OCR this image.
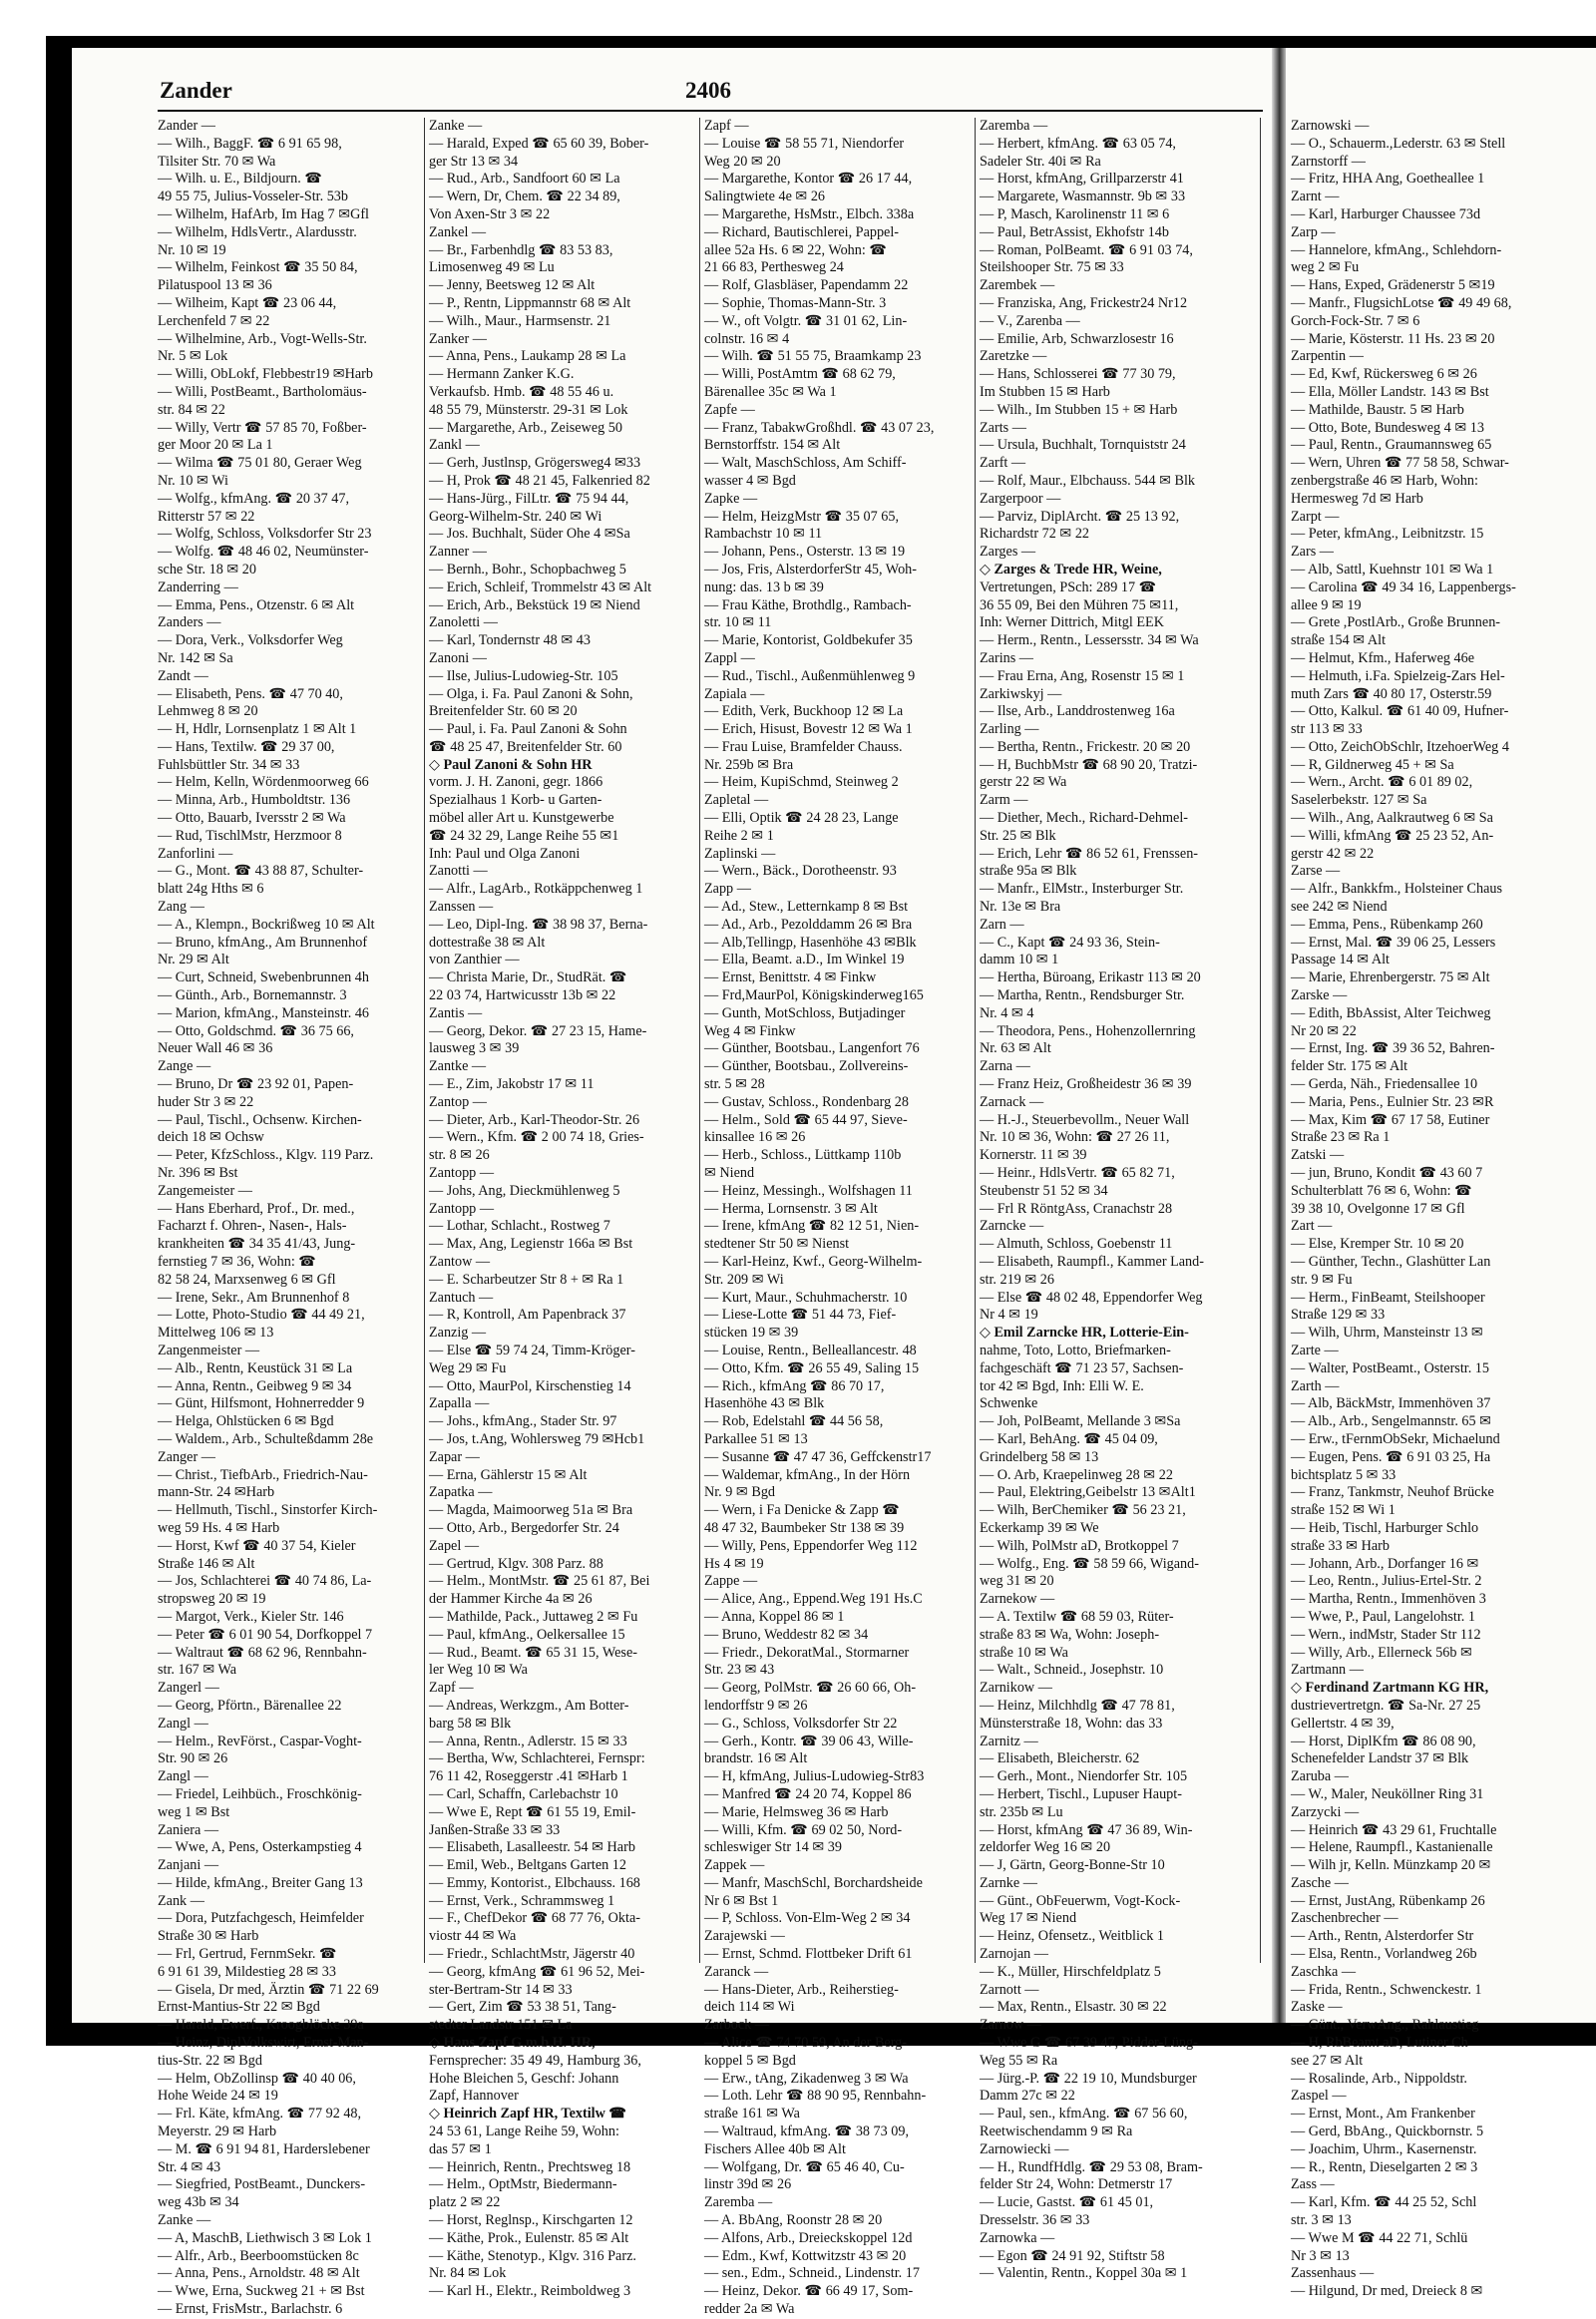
Zander	2406
Zander —
— Wilh., BaggF. ☎ 6 91 65 98,
Tilsiter Str. 70 ✉ Wa
— Wilh. u. E., Bildjourn. ☎
49 55 75, Julius-Vosseler-Str. 53b
— Wilhelm, HafArb, Im Hag 7 ✉Gfl
— Wilhelm, HdlsVertr., Alardusstr.
Nr. 10 ✉ 19
— Wilhelm, Feinkost ☎ 35 50 84,
Pilatuspool 13 ✉ 36
— Wilheim, Kapt ☎ 23 06 44,
Lerchenfeld 7 ✉ 22
— Wilhelmine, Arb., Vogt-Wells-Str.
Nr. 5 ✉ Lok
— Willi, ObLokf, Flebbestr19 ✉Harb
— Willi, PostBeamt., Bartholomäus-
str. 84 ✉ 22
— Willy, Vertr ☎ 57 85 70, Foßber-
ger Moor 20 ✉ La 1
— Wilma ☎ 75 01 80, Geraer Weg
Nr. 10 ✉ Wi
— Wolfg., kfmAng. ☎ 20 37 47,
Ritterstr 57 ✉ 22
— Wolfg, Schloss, Volksdorfer Str 23
— Wolfg. ☎ 48 46 02, Neumünster-
sche Str. 18 ✉ 20
Zanderring —
— Emma, Pens., Otzenstr. 6 ✉ Alt
Zanders —
— Dora, Verk., Volksdorfer Weg
Nr. 142 ✉ Sa
Zandt —
— Elisabeth, Pens. ☎ 47 70 40,
Lehmweg 8 ✉ 20
— H, Hdlr, Lornsenplatz 1 ✉ Alt 1
— Hans, Textilw. ☎ 29 37 00,
Fuhlsbüttler Str. 34 ✉ 33
— Helm, Kelln, Wördenmoorweg 66
— Minna, Arb., Humboldtstr. 136
— Otto, Bauarb, Iversstr 2 ✉ Wa
— Rud, TischlMstr, Herzmoor 8
Zanforlini —
— G., Mont. ☎ 43 88 87, Schulter-
blatt 24g Hths ✉ 6
Zang —
— A., Klempn., Bockrißweg 10 ✉ Alt
— Bruno, kfmAng., Am Brunnenhof
Nr. 29 ✉ Alt
— Curt, Schneid, Swebenbrunnen 4h
— Günth., Arb., Bornemannstr. 3
— Marion, kfmAng., Mansteinstr. 46
— Otto, Goldschmd. ☎ 36 75 66,
Neuer Wall 46 ✉ 36
Zange —
— Bruno, Dr ☎ 23 92 01, Papen-
huder Str 3 ✉ 22
— Paul, Tischl., Ochsenw. Kirchen-
deich 18 ✉ Ochsw
— Peter, KfzSchloss., Klgv. 119 Parz.
Nr. 396 ✉ Bst
Zangemeister —
— Hans Eberhard, Prof., Dr. med.,
Facharzt f. Ohren-, Nasen-, Hals-
krankheiten ☎ 34 35 41/43, Jung-
fernstieg 7 ✉ 36, Wohn: ☎
82 58 24, Marxsenweg 6 ✉ Gfl
— Irene, Sekr., Am Brunnenhof 8
— Lotte, Photo-Studio ☎ 44 49 21,
Mittelweg 106 ✉ 13
Zangenmeister —
— Alb., Rentn, Keustück 31 ✉ La
— Anna, Rentn., Geibweg 9 ✉ 34
— Günt, Hilfsmont, Hohnerredder 9
— Helga, Ohlstücken 6 ✉ Bgd
— Waldem., Arb., Schulteßdamm 28e
Zanger —
— Christ., TiefbArb., Friedrich-Nau-
mann-Str. 24 ✉Harb
— Hellmuth, Tischl., Sinstorfer Kirch-
weg 59 Hs. 4 ✉ Harb
— Horst, Kwf ☎ 40 37 54, Kieler
Straße 146 ✉ Alt
— Jos, Schlachterei ☎ 40 74 86, La-
stropsweg 20 ✉ 19
— Margot, Verk., Kieler Str. 146
— Peter ☎ 6 01 90 54, Dorfkoppel 7
— Waltraut ☎ 68 62 96, Rennbahn-
str. 167 ✉ Wa
Zangerl —
— Georg, Pförtn., Bärenallee 22
Zangl —
— Helm., RevFörst., Caspar-Voght-
Str. 90 ✉ 26
Zangl —
— Friedel, Leihbüch., Froschkönig-
weg 1 ✉ Bst
Zaniera —
— Wwe, A, Pens, Osterkampstieg 4
Zanjani —
— Hilde, kfmAng., Breiter Gang 13
Zank —
— Dora, Putzfachgesch, Heimfelder
Straße 30 ✉ Harb
— Frl, Gertrud, FernmSekr. ☎
6 91 61 39, Mildestieg 28 ✉ 33
— Gisela, Dr med, Ärztin ☎ 71 22 69
Ernst-Mantius-Str 22 ✉ Bgd
— Harald, Ewerf., Kroogblöcke 39a
— Heinz, DiplVolkswirt, Ernst-Man-
tius-Str. 22 ✉ Bgd
— Helm, ObZollinsp ☎ 40 40 06,
Hohe Weide 24 ✉ 19
— Frl. Käte, kfmAng. ☎ 77 92 48,
Meyerstr. 29 ✉ Harb
— M. ☎ 6 91 94 81, Harderslebener
Str. 4 ✉ 43
— Siegfried, PostBeamt., Dunckers-
weg 43b ✉ 34
Zanke —
— A, MaschB, Liethwisch 3 ✉ Lok 1
— Alfr., Arb., Beerboomstücken 8c
— Anna, Pens., Arnoldstr. 48 ✉ Alt
— Wwe, Erna, Suckweg 21 + ✉ Bst
— Ernst, FrisMstr., Barlachstr. 6
Zanke —
— Harald, Exped ☎ 65 60 39, Bober-
ger Str 13 ✉ 34
— Rud., Arb., Sandfoort 60 ✉ La
— Wern, Dr, Chem. ☎ 22 34 89,
Von Axen-Str 3 ✉ 22
Zankel —
— Br., Farbenhdlg ☎ 83 53 83,
Limosenweg 49 ✉ Lu
— Jenny, Beetsweg 12 ✉ Alt
— P., Rentn, Lippmannstr 68 ✉ Alt
— Wilh., Maur., Harmsenstr. 21
Zanker —
— Anna, Pens., Laukamp 28 ✉ La
— Hermann Zanker K.G.
Verkaufsb. Hmb. ☎ 48 55 46 u.
48 55 79, Münsterstr. 29-31 ✉ Lok
— Margarethe, Arb., Zeiseweg 50
Zankl —
— Gerh, Justlnsp, Grögersweg4 ✉33
— H, Prok ☎ 48 21 45, Falkenried 82
— Hans-Jürg., FilLtr. ☎ 75 94 44,
Georg-Wilhelm-Str. 240 ✉ Wi
— Jos. Buchhalt, Süder Ohe 4 ✉Sa
Zanner —
— Bernh., Bohr., Schopbachweg 5
— Erich, Schleif, Trommelstr 43 ✉ Alt
— Erich, Arb., Bekstück 19 ✉ Niend
Zanoletti —
— Karl, Tondernstr 48 ✉ 43
Zanoni —
— Ilse, Julius-Ludowieg-Str. 105
— Olga, i. Fa. Paul Zanoni & Sohn,
Breitenfelder Str. 60 ✉ 20
— Paul, i. Fa. Paul Zanoni & Sohn
☎ 48 25 47, Breitenfelder Str. 60
◇ Paul Zanoni & Sohn HR
vorm. J. H. Zanoni, gegr. 1866
Spezialhaus 1 Korb- u Garten-
möbel aller Art u. Kunstgewerbe
☎ 24 32 29, Lange Reihe 55 ✉1
Inh: Paul und Olga Zanoni
Zanotti —
— Alfr., LagArb., Rotkäppchenweg 1
Zanssen —
— Leo, Dipl-Ing. ☎ 38 98 37, Berna-
dottestraße 38 ✉ Alt
von Zanthier —
— Christa Marie, Dr., StudRät. ☎
22 03 74, Hartwicusstr 13b ✉ 22
Zantis —
— Georg, Dekor. ☎ 27 23 15, Hame-
lausweg 3 ✉ 39
Zantke —
— E., Zim, Jakobstr 17 ✉ 11
Zantop —
— Dieter, Arb., Karl-Theodor-Str. 26
— Wern., Kfm. ☎ 2 00 74 18, Gries-
str. 8 ✉ 26
Zantopp —
— Johs, Ang, Dieckmühlenweg 5
Zantopp —
— Lothar, Schlacht., Rostweg 7
— Max, Ang, Legienstr 166a ✉ Bst
Zantow —
— E. Scharbeutzer Str 8 + ✉ Ra 1
Zantuch —
— R, Kontroll, Am Papenbrack 37
Zanzig —
— Else ☎ 59 74 24, Timm-Kröger-
Weg 29 ✉ Fu
— Otto, MaurPol, Kirschenstieg 14
Zapalla —
— Johs., kfmAng., Stader Str. 97
— Jos, t.Ang, Wohlersweg 79 ✉Hcb1
Zapar —
— Erna, Gählerstr 15 ✉ Alt
Zapatka —
— Magda, Maimoorweg 51a ✉ Bra
— Otto, Arb., Bergedorfer Str. 24
Zapel —
— Gertrud, Klgv. 308 Parz. 88
— Helm., MontMstr. ☎ 25 61 87, Bei
der Hammer Kirche 4a ✉ 26
— Mathilde, Pack., Juttaweg 2 ✉ Fu
— Paul, kfmAng., Oelkersallee 15
— Rud., Beamt. ☎ 65 31 15, Wese-
ler Weg 10 ✉ Wa
Zapf —
— Andreas, Werkzgm., Am Botter-
barg 58 ✉ Blk
— Anna, Rentn., Adlerstr. 15 ✉ 33
— Bertha, Ww, Schlachterei, Fernspr:
76 11 42, Roseggerstr .41 ✉Harb 1
— Carl, Schaffn, Carlebachstr 10
— Wwe E, Rept ☎ 61 55 19, Emil-
Janßen-Straße 33 ✉ 33
— Elisabeth, Lasalleestr. 54 ✉ Harb
— Emil, Web., Beltgans Garten 12
— Emmy, Kontorist., Elbchauss. 168
— Ernst, Verk., Schrammsweg 1
— F., ChefDekor ☎ 68 77 76, Okta-
viostr 44 ✉ Wa
— Friedr., SchlachtMstr, Jägerstr 40
— Georg, kfmAng ☎ 61 96 52, Mei-
ster-Bertram-Str 14 ✉ 33
— Gert, Zim ☎ 53 38 51, Tang-
stedter Landstr 151 ✉ La
◇ Hans Zapf G.m.b.H. HR,
Fernsprecher: 35 49 49, Hamburg 36,
Hohe Bleichen 5, Geschf: Johann
Zapf, Hannover
◇ Heinrich Zapf HR, Textilw ☎
24 53 61, Lange Reihe 59, Wohn:
das 57 ✉ 1
— Heinrich, Rentn., Prechtsweg 18
— Helm., OptMstr, Biedermann-
platz 2 ✉ 22
— Horst, Reglnsp., Kirschgarten 12
— Käthe, Prok., Eulenstr. 85 ✉ Alt
— Käthe, Stenotyp., Klgv. 316 Parz.
Nr. 84 ✉ Lok
— Karl H., Elektr., Reimboldweg 3
Zapf —
— Louise ☎ 58 55 71, Niendorfer
Weg 20 ✉ 20
— Margarethe, Kontor ☎ 26 17 44,
Salingtwiete 4e ✉ 26
— Margarethe, HsMstr., Elbch. 338a
— Richard, Bautischlerei, Pappel-
allee 52a Hs. 6 ✉ 22, Wohn: ☎
21 66 83, Perthesweg 24
— Rolf, Glasbläser, Papendamm 22
— Sophie, Thomas-Mann-Str. 3
— W., oft Volgtr. ☎ 31 01 62, Lin-
colnstr. 16 ✉ 4
— Wilh. ☎ 51 55 75, Braamkamp 23
— Willi, PostAmtm ☎ 68 62 79,
Bärenallee 35c ✉ Wa 1
Zapfe —
— Franz, TabakwGroßhdl. ☎ 43 07 23,
Bernstorffstr. 154 ✉ Alt
— Walt, MaschSchloss, Am Schiff-
wasser 4 ✉ Bgd
Zapke —
— Helm, HeizgMstr ☎ 35 07 65,
Rambachstr 10 ✉ 11
— Johann, Pens., Osterstr. 13 ✉ 19
— Jos, Fris, AlsterdorferStr 45, Woh-
nung: das. 13 b ✉ 39
— Frau Käthe, Brothdlg., Rambach-
str. 10 ✉ 11
— Marie, Kontorist, Goldbekufer 35
Zappl —
— Rud., Tischl., Außenmühlenweg 9
Zapiala —
— Edith, Verk, Buckhoop 12 ✉ La
— Erich, Hisust, Bovestr 12 ✉ Wa 1
— Frau Luise, Bramfelder Chauss.
Nr. 259b ✉ Bra
— Heim, KupiSchmd, Steinweg 2
Zapletal —
— Elli, Optik ☎ 24 28 23, Lange
Reihe 2 ✉ 1
Zaplinski —
— Wern., Bäck., Dorotheenstr. 93
Zapp —
— Ad., Stew., Letternkamp 8 ✉ Bst
— Ad., Arb., Pezolddamm 26 ✉ Bra
— Alb,Tellingp, Hasenhöhe 43 ✉Blk
— Ella, Beamt. a.D., Im Winkel 19
— Ernst, Benittstr. 4 ✉ Finkw
— Frd,MaurPol, Königskinderweg165
— Gunth, MotSchloss, Butjadinger
Weg 4 ✉ Finkw
— Günther, Bootsbau., Langenfort 76
— Günther, Bootsbau., Zollvereins-
str. 5 ✉ 28
— Gustav, Schloss., Rondenbarg 28
— Helm., Sold ☎ 65 44 97, Sieve-
kinsallee 16 ✉ 26
— Herb., Schloss., Lüttkamp 110b
✉ Niend
— Heinz, Messingh., Wolfshagen 11
— Herma, Lornsenstr. 3 ✉ Alt
— Irene, kfmAng ☎ 82 12 51, Nien-
stedtener Str 50 ✉ Nienst
— Karl-Heinz, Kwf., Georg-Wilhelm-
Str. 209 ✉ Wi
— Kurt, Maur., Schuhmacherstr. 10
— Liese-Lotte ☎ 51 44 73, Fief-
stücken 19 ✉ 39
— Louise, Rentn., Belleallancestr. 48
— Otto, Kfm. ☎ 26 55 49, Saling 15
— Rich., kfmAng ☎ 86 70 17,
Hasenhöhe 43 ✉ Blk
— Rob, Edelstahl ☎ 44 56 58,
Parkallee 51 ✉ 13
— Susanne ☎ 47 47 36, Geffckenstr17
— Waldemar, kfmAng., In der Hörn
Nr. 9 ✉ Bgd
— Wern, i Fa Denicke & Zapp ☎
48 47 32, Baumbeker Str 138 ✉ 39
— Willy, Pens, Eppendorfer Weg 112
Hs 4 ✉ 19
Zappe —
— Alice, Ang., Eppend.Weg 191 Hs.C
— Anna, Koppel 86 ✉ 1
— Bruno, Weddestr 82 ✉ 34
— Friedr., DekoratMal., Stormarner
Str. 23 ✉ 43
— Georg, PolMstr. ☎ 26 60 66, Oh-
lendorffstr 9 ✉ 26
— G., Schloss, Volksdorfer Str 22
— Gerh., Kontr. ☎ 39 06 43, Wille-
brandstr. 16 ✉ Alt
— H, kfmAng, Julius-Ludowieg-Str83
— Manfred ☎ 24 20 74, Koppel 86
— Marie, Helmsweg 36 ✉ Harb
— Willi, Kfm. ☎ 69 02 50, Nord-
schleswiger Str 14 ✉ 39
Zappek —
— Manfr, MaschSchl, Borchardsheide
Nr 6 ✉ Bst 1
— P, Schloss. Von-Elm-Weg 2 ✉ 34
Zarajewski —
— Ernst, Schmd. Flottbeker Drift 61
Zaranck —
— Hans-Dieter, Arb., Reiherstieg-
deich 114 ✉ Wi
Zarbock —
— Alice ☎ 74 70 59, An der Berg-
koppel 5 ✉ Bgd
— Erw., tAng, Zikadenweg 3 ✉ Wa
— Loth. Lehr ☎ 88 90 95, Rennbahn-
straße 161 ✉ Wa
— Waltraud, kfmAng. ☎ 38 73 09,
Fischers Allee 40b ✉ Alt
— Wolfgang, Dr. ☎ 65 46 40, Cu-
linstr 39d ✉ 26
Zaremba —
— A. BbAng, Roonstr 28 ✉ 20
— Alfons, Arb., Dreieckskoppel 12d
— Edm., Kwf, Kottwitzstr 43 ✉ 20
— sen., Edm., Schneid., Lindenstr. 17
— Heinz, Dekor. ☎ 66 49 17, Som-
redder 2a ✉ Wa
Zaremba —
— Herbert, kfmAng. ☎ 63 05 74,
Sadeler Str. 40i ✉ Ra
— Horst, kfmAng, Grillparzerstr 41
— Margarete, Wasmannstr. 9b ✉ 33
— P, Masch, Karolinenstr 11 ✉ 6
— Paul, BetrAssist, Ekhofstr 14b
— Roman, PolBeamt. ☎ 6 91 03 74,
Steilshooper Str. 75 ✉ 33
Zarembek —
— Franziska, Ang, Frickestr24 Nr12
— V., Zarenba —
— Emilie, Arb, Schwarzlosestr 16
Zaretzke —
— Hans, Schlosserei ☎ 77 30 79,
Im Stubben 15 ✉ Harb
— Wilh., Im Stubben 15 + ✉ Harb
Zarts —
— Ursula, Buchhalt, Tornquiststr 24
Zarft —
— Rolf, Maur., Elbchauss. 544 ✉ Blk
Zargerpoor —
— Parviz, DiplArcht. ☎ 25 13 92,
Richardstr 72 ✉ 22
Zarges —
◇ Zarges & Trede HR, Weine,
Vertretungen, PSch: 289 17 ☎
36 55 09, Bei den Mühren 75 ✉11,
Inh: Werner Dittrich, Mitgl EEK
— Herm., Rentn., Lessersstr. 34 ✉ Wa
Zarins —
— Frau Erna, Ang, Rosenstr 15 ✉ 1
Zarkiwskyj —
— Ilse, Arb., Landdrostenweg 16a
Zarling —
— Bertha, Rentn., Frickestr. 20 ✉ 20
— H, BuchbMstr ☎ 68 90 20, Tratzi-
gerstr 22 ✉ Wa
Zarm —
— Diether, Mech., Richard-Dehmel-
Str. 25 ✉ Blk
— Erich, Lehr ☎ 86 52 61, Frenssen-
straße 95a ✉ Blk
— Manfr., ElMstr., Insterburger Str.
Nr. 13e ✉ Bra
Zarn —
— C., Kapt ☎ 24 93 36, Stein-
damm 10 ✉ 1
— Hertha, Büroang, Erikastr 113 ✉ 20
— Martha, Rentn., Rendsburger Str.
Nr. 4 ✉ 4
— Theodora, Pens., Hohenzollernring
Nr. 63 ✉ Alt
Zarna —
— Franz Heiz, Großheidestr 36 ✉ 39
Zarnack —
— H.-J., Steuerbevollm., Neuer Wall
Nr. 10 ✉ 36, Wohn: ☎ 27 26 11,
Kornerstr. 11 ✉ 39
— Heinr., HdlsVertr. ☎ 65 82 71,
Steubenstr 51 52 ✉ 34
— Frl R RöntgAss, Cranachstr 28
Zarncke —
— Almuth, Schloss, Goebenstr 11
— Elisabeth, Raumpfl., Kammer Land-
str. 219 ✉ 26
— Else ☎ 48 02 48, Eppendorfer Weg
Nr 4 ✉ 19
◇ Emil Zarncke HR, Lotterie-Ein-
nahme, Toto, Lotto, Briefmarken-
fachgeschäft ☎ 71 23 57, Sachsen-
tor 42 ✉ Bgd, Inh: Elli W. E.
Schwenke
— Joh, PolBeamt, Mellande 3 ✉Sa
— Karl, BehAng. ☎ 45 04 09,
Grindelberg 58 ✉ 13
— O. Arb, Kraepelinweg 28 ✉ 22
— Paul, Elektring,Geibelstr 13 ✉Alt1
— Wilh, BerChemiker ☎ 56 23 21,
Eckerkamp 39 ✉ We
— Wilh, PolMstr aD, Brotkoppel 7
— Wolfg., Eng. ☎ 58 59 66, Wigand-
weg 31 ✉ 20
Zarnekow —
— A. Textilw ☎ 68 59 03, Rüter-
straße 83 ✉ Wa, Wohn: Joseph-
straße 10 ✉ Wa
— Walt., Schneid., Josephstr. 10
Zarnikow —
— Heinz, Milchhdlg ☎ 47 78 81,
Münsterstraße 18, Wohn: das 33
Zarnitz —
— Elisabeth, Bleicherstr. 62
— Gerh., Mont., Niendorfer Str. 105
— Herbert, Tischl., Lupuser Haupt-
str. 235b ✉ Lu
— Horst, kfmAng ☎ 47 36 89, Win-
zeldorfer Weg 16 ✉ 20
— J, Gärtn, Georg-Bonne-Str 10
Zarnke —
— Günt., ObFeuerwm, Vogt-Kock-
Weg 17 ✉ Niend
— Heinz, Ofensetz., Weitblick 1
Zarnojan —
— K., Müller, Hirschfeldplatz 5
Zarnott —
— Max, Rentn., Elsastr. 30 ✉ 22
Zarnow —
— Wwe G ☎ 67 39 47, Pidder-Lüng-
Weg 55 ✉ Ra
— Jürg.-P. ☎ 22 19 10, Mundsburger
Damm 27c ✉ 22
— Paul, sen., kfmAng. ☎ 67 56 60,
Reetwischendamm 9 ✉ Ra
Zarnowiecki —
— H., RundfHdlg. ☎ 29 53 08, Bram-
felder Str 24, Wohn: Detmerstr 17
— Lucie, Gastst. ☎ 61 45 01,
Dresselstr. 36 ✉ 33
Zarnowka —
— Egon ☎ 24 91 92, Stiftstr 58
— Valentin, Rentn., Koppel 30a ✉ 1
Zarnowski —
— O., Schauerm.,Lederstr. 63 ✉ Stell
Zarnstorff —
— Fritz, HHA Ang, Goetheallee 1
Zarnt —
— Karl, Harburger Chaussee 73d
Zarp —
— Hannelore, kfmAng., Schlehdorn-
weg 2 ✉ Fu
— Hans, Exped, Grädenerstr 5 ✉19
— Manfr., FlugsichLotse ☎ 49 49 68,
Gorch-Fock-Str. 7 ✉ 6
— Marie, Kösterstr. 11 Hs. 23 ✉ 20
Zarpentin —
— Ed, Kwf, Rückersweg 6 ✉ 26
— Ella, Möller Landstr. 143 ✉ Bst
— Mathilde, Baustr. 5 ✉ Harb
— Otto, Bote, Bundesweg 4 ✉ 13
— Paul, Rentn., Graumannsweg 65
— Wern, Uhren ☎ 77 58 58, Schwar-
zenbergstraße 46 ✉ Harb, Wohn:
Hermesweg 7d ✉ Harb
Zarpt —
— Peter, kfmAng., Leibnitzstr. 15
Zars —
— Alb, Sattl, Kuehnstr 101 ✉ Wa 1
— Carolina ☎ 49 34 16, Lappenbergs-
allee 9 ✉ 19
— Grete ,PostlArb., Große Brunnen-
straße 154 ✉ Alt
— Helmut, Kfm., Haferweg 46e
— Helmuth, i.Fa. Spielzeig-Zars Hel-
muth Zars ☎ 40 80 17, Osterstr.59
— Otto, Kalkul. ☎ 61 40 09, Hufner-
str 113 ✉ 33
— Otto, ZeichObSchlr, ItzehoerWeg 4
— R, Gildnerweg 45 + ✉ Sa
— Wern., Archt. ☎ 6 01 89 02,
Saselerbekstr. 127 ✉ Sa
— Wilh., Ang, Aalkrautweg 6 ✉ Sa
— Willi, kfmAng ☎ 25 23 52, An-
gerstr 42 ✉ 22
Zarse —
— Alfr., Bankkfm., Holsteiner Chaus
see 242 ✉ Niend
— Emma, Pens., Rübenkamp 260
— Ernst, Mal. ☎ 39 06 25, Lessers
Passage 14 ✉ Alt
— Marie, Ehrenbergerstr. 75 ✉ Alt
Zarske —
— Edith, BbAssist, Alter Teichweg
Nr 20 ✉ 22
— Ernst, Ing. ☎ 39 36 52, Bahren-
felder Str. 175 ✉ Alt
— Gerda, Näh., Friedensallee 10
— Maria, Pens., Eulnier Str. 23 ✉R
— Max, Kim ☎ 67 17 58, Eutiner
Straße 23 ✉ Ra 1
Zatski —
— jun, Bruno, Kondit ☎ 43 60 7
Schulterblatt 76 ✉ 6, Wohn: ☎
39 38 10, Ovelgonne 17 ✉ Gfl
Zart —
— Else, Kremper Str. 10 ✉ 20
— Günther, Techn., Glashütter Lan
str. 9 ✉ Fu
— Herm., FinBeamt, Steilshooper
Straße 129 ✉ 33
— Wilh, Uhrm, Mansteinstr 13 ✉
Zarte —
— Walter, PostBeamt., Osterstr. 15
Zarth —
— Alb, BäckMstr, Immenhöven 37
— Alb., Arb., Sengelmannstr. 65 ✉
— Erw., tFernmObSekr, Michaelund
— Eugen, Pens. ☎ 6 91 03 25, Ha
bichtsplatz 5 ✉ 33
— Franz, Tankmstr, Neuhof Brücke
straße 152 ✉ Wi 1
— Heib, Tischl, Harburger Schlo
straße 33 ✉ Harb
— Johann, Arb., Dorfanger 16 ✉
— Leo, Rentn., Julius-Ertel-Str. 2
— Martha, Rentn., Immenhöven 3
— Wwe, P., Paul, Langelohstr. 1
— Wern., indMstr, Stader Str 112
— Willy, Arb., Ellerneck 56b ✉
Zartmann —
◇ Ferdinand Zartmann KG HR,
dustrievertretgn. ☎ Sa-Nr. 27 25
Gellertstr. 4 ✉ 39,
— Horst, DiplKfm ☎ 86 08 90,
Schenefelder Landstr 37 ✉ Blk
Zaruba —
— W., Maler, Neuköllner Ring 31
Zarzycki —
— Heinrich ☎ 43 29 61, Fruchtalle
— Helene, Raumpfl., Kastanienalle
— Wilh jr, Kelln. Münzkamp 20 ✉
Zasche —
— Ernst, JustAng, Rübenkamp 26
Zaschenbrecher —
— Arth., Rentn, Alsterdorfer Str
— Elsa, Rentn., Vorlandweg 26b
Zaschka —
— Frida, Rentn., Schwenckestr. 1
Zaske —
— Günt., VerwAng., Rahlaustieg
— H, RbBeamt aD, Lutiner Ch
see 27 ✉ Alt
— Rosalinde, Arb., Nippoldstr.
Zaspel —
— Ernst, Mont., Am Frankenber
— Gerd, BbAng., Quickbornstr. 5
— Joachim, Uhrm., Kasernenstr.
— R., Rentn, Dieselgarten 2 ✉ 3
Zass —
— Karl, Kfm. ☎ 44 25 52, Schl
str. 3 ✉ 13
— Wwe M ☎ 44 22 71, Schlü
Nr 3 ✉ 13
Zassenhaus —
— Hilgund, Dr med, Dreieck 8 ✉
